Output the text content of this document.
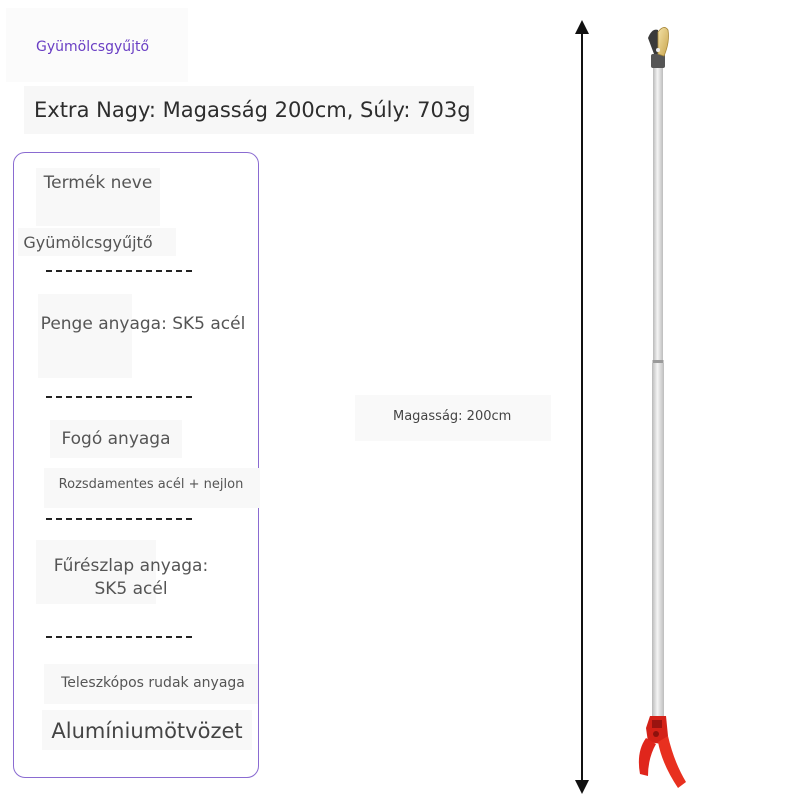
Gyümölcsgyűjtő
Extra Nagy: Magasság 200cm, Súly: 703g
Termék neve
Gyümölcsgyűjtő
Penge anyaga: SK5 acél
Fogó anyaga
Rozsdamentes acél + nejlon
Fűrészlap anyaga: SK5 acél
Teleszkópos rudak anyaga
Alumíniumötvözet
Magasság: 200cm
